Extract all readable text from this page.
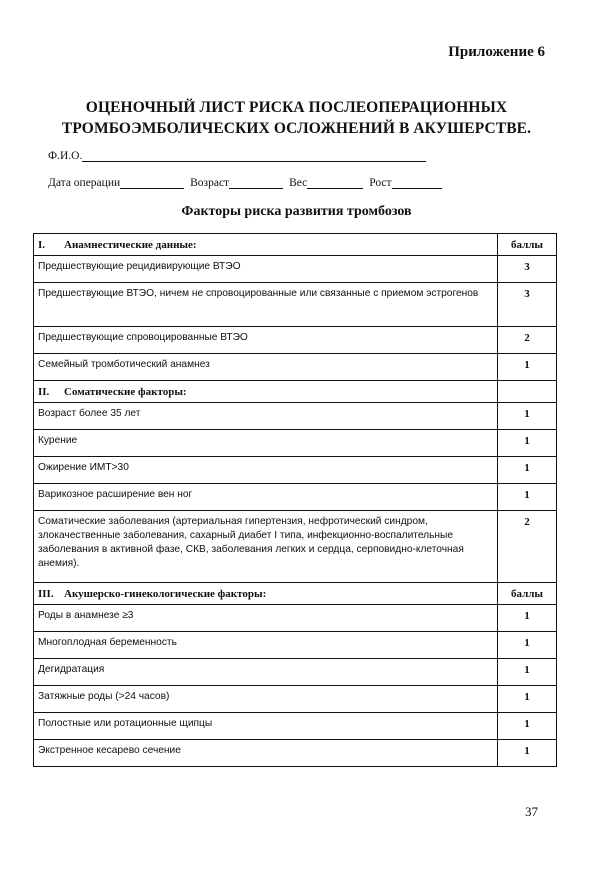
Приложение 6
ОЦЕНОЧНЫЙ ЛИСТ РИСКА ПОСЛЕОПЕРАЦИОННЫХ
ТРОМБОЭМБОЛИЧЕСКИХ ОСЛОЖНЕНИЙ В АКУШЕРСТВЕ.
Ф.И.О.
Дата операции	Возраст	Вес	Рост
Факторы риска развития тромбозов
I. Анамнестические данные:	баллы
Предшествующие рецидивирующие ВТЭО	3
Предшествующие ВТЭО, ничем не спровоцированные или связанные с приемом эстрогенов	3
Предшествующие спровоцированные ВТЭО	2
Семейный тромботический анамнез	1
II. Соматические факторы:	
Возраст более 35 лет	1
Курение	1
Ожирение ИМТ>30	1
Варикозное расширение вен ног	1
Соматические заболевания (артериальная гипертензия, нефротический синдром, злокачественные заболевания, сахарный диабет I типа, инфекционно-воспалительные заболевания в активной фазе, СКВ, заболевания легких и сердца, серповидно-клеточная анемия).	2
III. Акушерско-гинекологические факторы:	баллы
Роды в анамнезе ≥3	1
Многоплодная беременность	1
Дегидратация	1
Затяжные роды (>24 часов)	1
Полостные или ротационные щипцы	1
Экстренное кесарево сечение	1
37
